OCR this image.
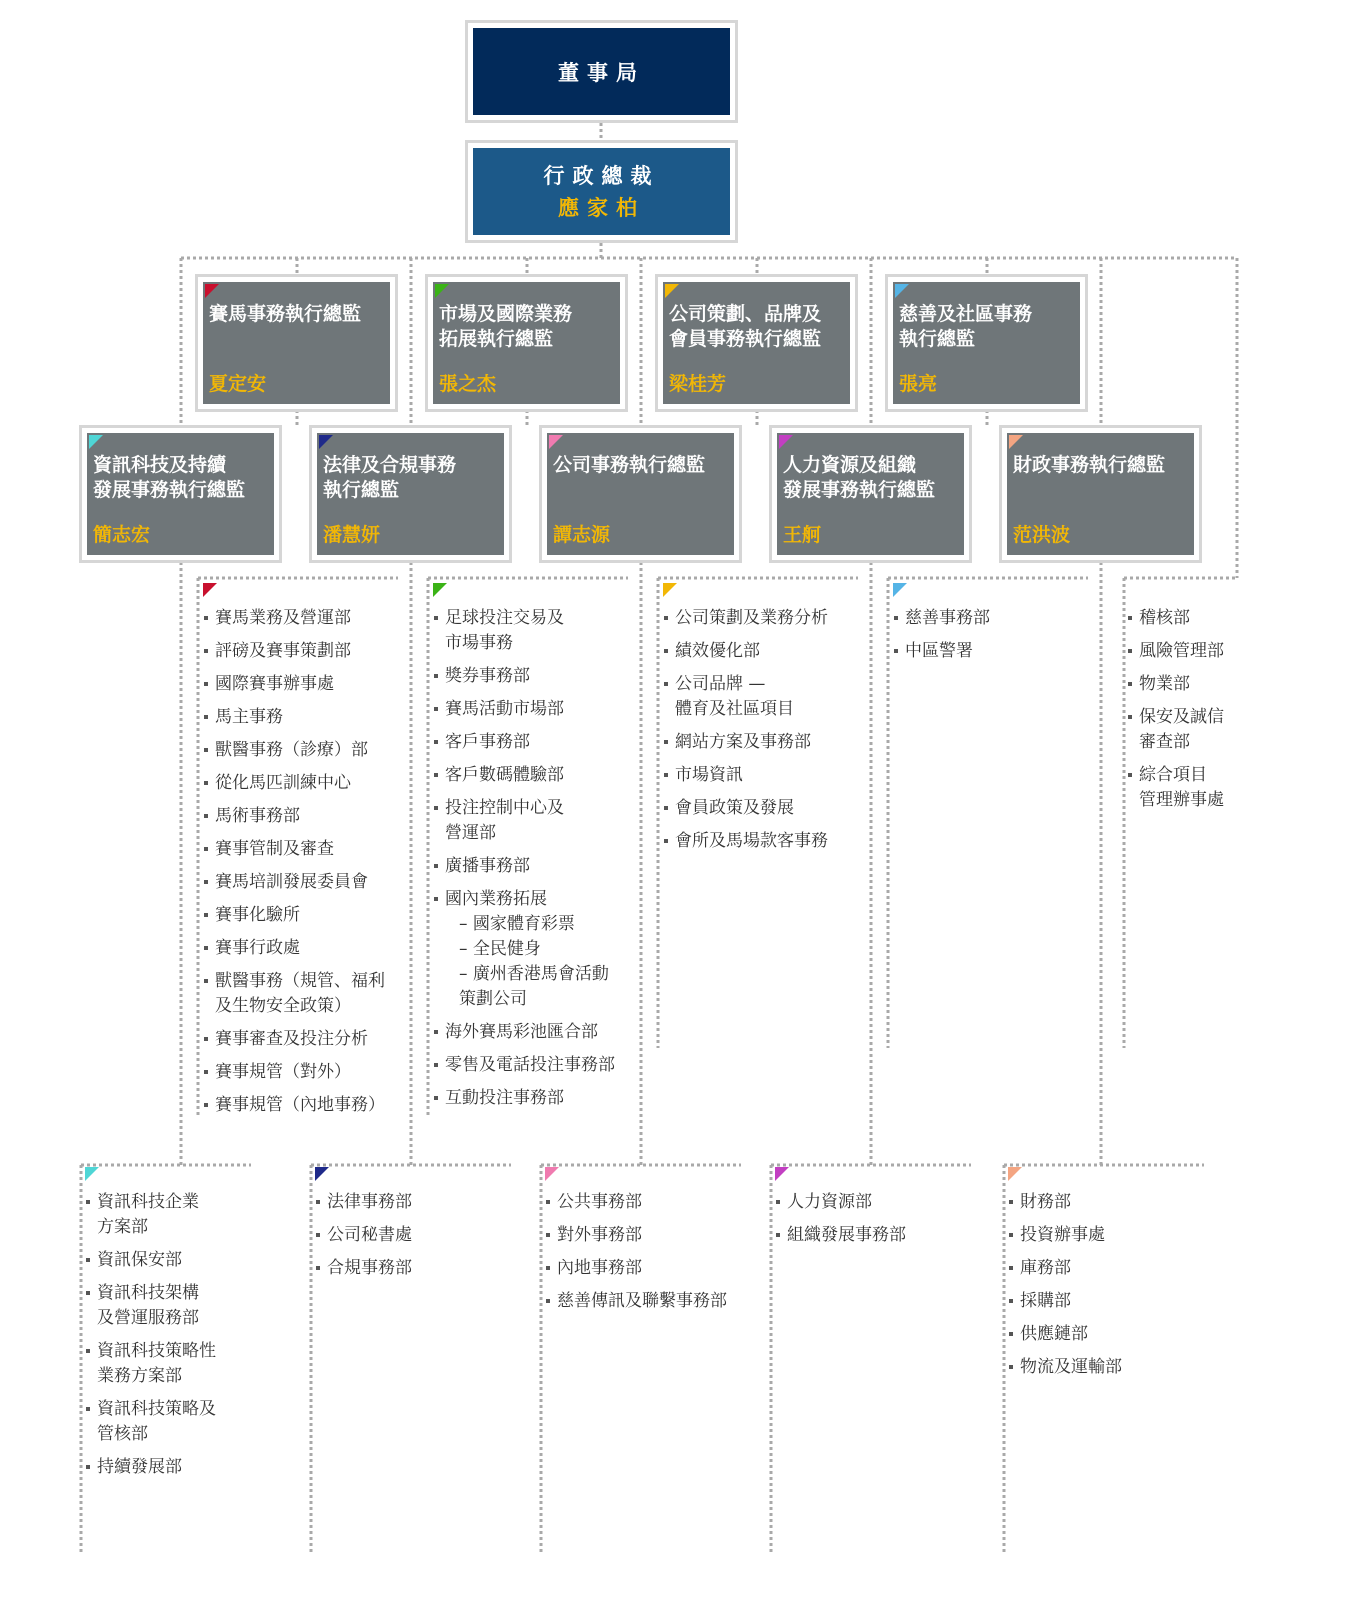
董事局
行政總裁
應家柏
賽馬事務執行總監
夏定安
市場及國際業務
拓展執行總監
張之杰
公司策劃、品牌及
會員事務執行總監
梁桂芳
慈善及社區事務
執行總監
張亮
資訊科技及持續
發展事務執行總監
簡志宏
法律及合規事務
執行總監
潘慧妍
公司事務執行總監
譚志源
人力資源及組織
發展事務執行總監
王舸
財政事務執行總監
范洪波
賽馬業務及營運部
評磅及賽事策劃部
國際賽事辦事處
馬主事務
獸醫事務（診療）部
從化馬匹訓練中心
馬術事務部
賽事管制及審查
賽馬培訓發展委員會
賽事化驗所
賽事行政處
獸醫事務（規管、福利
及生物安全政策）
賽事審查及投注分析
賽事規管（對外）
賽事規管（內地事務）
足球投注交易及
市場事務
獎券事務部
賽馬活動市場部
客戶事務部
客戶數碼體驗部
投注控制中心及
營運部
廣播事務部
國內業務拓展
– 國家體育彩票
– 全民健身
– 廣州香港馬會活動
策劃公司
海外賽馬彩池匯合部
零售及電話投注事務部
互動投注事務部
公司策劃及業務分析
績效優化部
公司品牌 —
體育及社區項目
網站方案及事務部
市場資訊
會員政策及發展
會所及馬場款客事務
慈善事務部
中區警署
稽核部
風險管理部
物業部
保安及誠信
審查部
綜合項目
管理辦事處
資訊科技企業
方案部
資訊保安部
資訊科技架構
及營運服務部
資訊科技策略性
業務方案部
資訊科技策略及
管核部
持續發展部
法律事務部
公司秘書處
合規事務部
公共事務部
對外事務部
內地事務部
慈善傳訊及聯繫事務部
人力資源部
組織發展事務部
財務部
投資辦事處
庫務部
採購部
供應鏈部
物流及運輸部
